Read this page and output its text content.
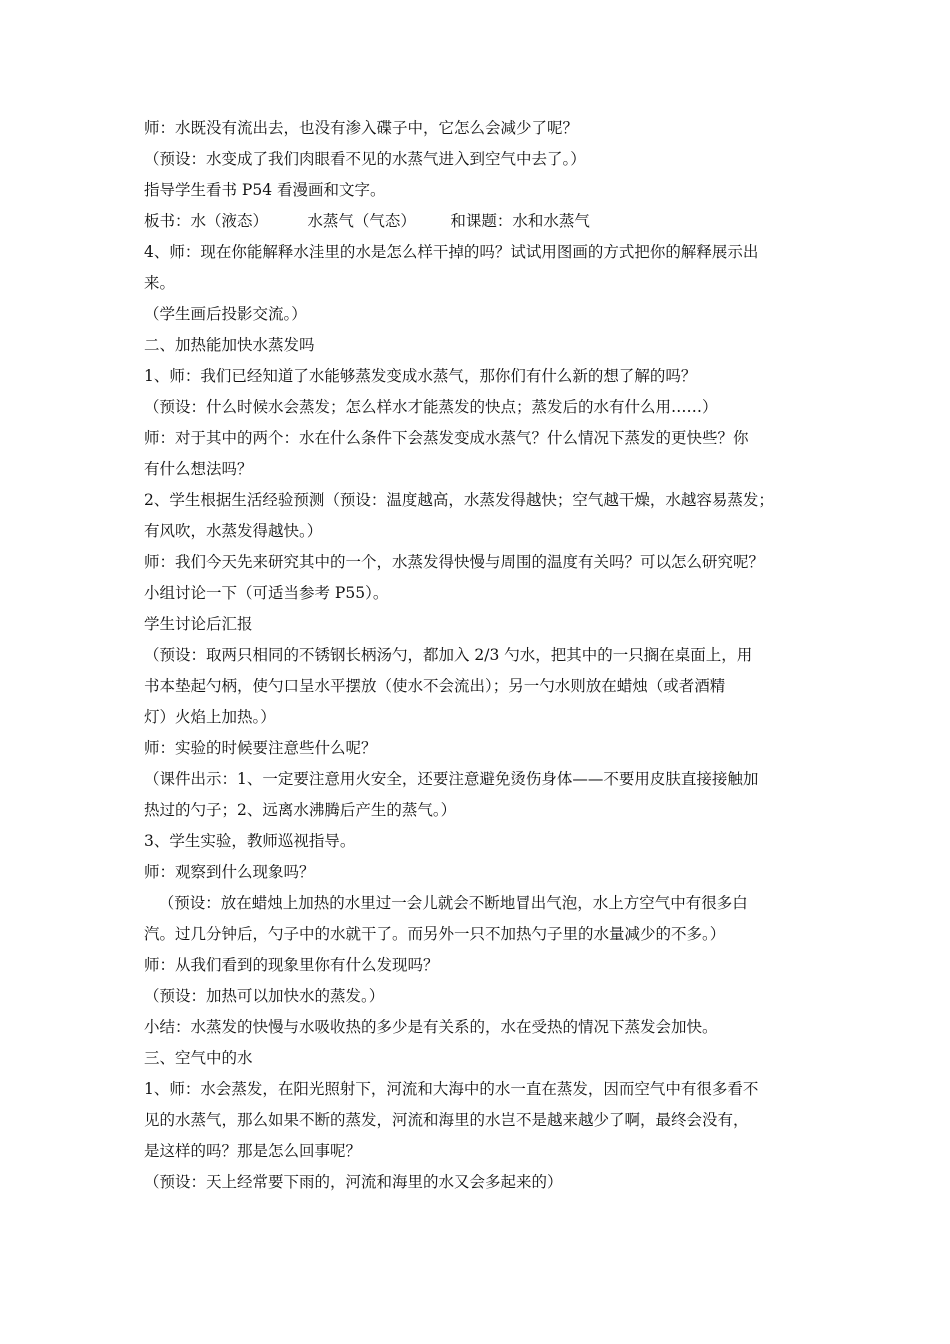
师：水既没有流出去，也没有渗入碟子中，它怎么会减少了呢？
（预设：水变成了我们肉眼看不见的水蒸气进入到空气中去了。）
指导学生看书 P54 看漫画和文字。
板书：水（液态）        水蒸气（气态）       和课题：水和水蒸气
4、师：现在你能解释水洼里的水是怎么样干掉的吗？试试用图画的方式把你的解释展示出
来。
（学生画后投影交流。）
二、加热能加快水蒸发吗
1、师：我们已经知道了水能够蒸发变成水蒸气，那你们有什么新的想了解的吗？
（预设：什么时候水会蒸发；怎么样水才能蒸发的快点；蒸发后的水有什么用……）
师：对于其中的两个：水在什么条件下会蒸发变成水蒸气？什么情况下蒸发的更快些？你
有什么想法吗？
2、学生根据生活经验预测（预设：温度越高，水蒸发得越快；空气越干燥，水越容易蒸发；
有风吹，水蒸发得越快。）
师：我们今天先来研究其中的一个，水蒸发得快慢与周围的温度有关吗？可以怎么研究呢？
小组讨论一下（可适当参考 P55）。
学生讨论后汇报
（预设：取两只相同的不锈钢长柄汤勺，都加入 2/3 勺水，把其中的一只搁在桌面上，用
书本垫起勺柄，使勺口呈水平摆放（使水不会流出）；另一勺水则放在蜡烛（或者酒精
灯）火焰上加热。）
师：实验的时候要注意些什么呢？
（课件出示：1、一定要注意用火安全，还要注意避免烫伤身体——不要用皮肤直接接触加
热过的勺子；2、远离水沸腾后产生的蒸气。）
3、学生实验，教师巡视指导。
师：观察到什么现象吗？
（预设：放在蜡烛上加热的水里过一会儿就会不断地冒出气泡，水上方空气中有很多白
汽。过几分钟后，勺子中的水就干了。而另外一只不加热勺子里的水量减少的不多。）
师：从我们看到的现象里你有什么发现吗？
（预设：加热可以加快水的蒸发。）
小结：水蒸发的快慢与水吸收热的多少是有关系的，水在受热的情况下蒸发会加快。
三、空气中的水
1、师：水会蒸发，在阳光照射下，河流和大海中的水一直在蒸发，因而空气中有很多看不
见的水蒸气，那么如果不断的蒸发，河流和海里的水岂不是越来越少了啊，最终会没有，
是这样的吗？那是怎么回事呢？
（预设：天上经常要下雨的，河流和海里的水又会多起来的）
